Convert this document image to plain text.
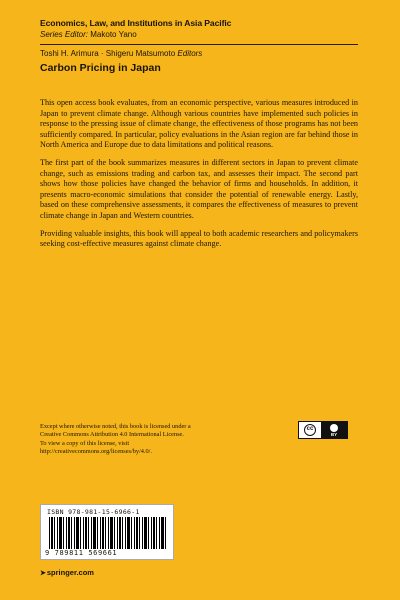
Economics, Law, and Institutions in Asia Pacific
Series Editor: Makoto Yano
Toshi H. Arimura · Shigeru Matsumoto Editors
Carbon Pricing in Japan

This open access book evaluates, from an economic perspective, various measures introduced in Japan to prevent climate change. Although various countries have implemented such policies in response to the pressing issue of climate change, the effectiveness of those programs has not been sufficiently compared. In particular, policy evaluations in the Asian region are far behind those in North America and Europe due to data limitations and political reasons.

The first part of the book summarizes measures in different sectors in Japan to prevent climate change, such as emissions trading and carbon tax, and assesses their impact. The second part shows how those policies have changed the behavior of firms and households. In addition, it presents macro-economic simulations that consider the potential of renewable energy. Lastly, based on these comprehensive assessments, it compares the effectiveness of measures to prevent climate change in Japan and Western countries.

Providing valuable insights, this book will appeal to both academic researchers and policymakers seeking cost-effective measures against climate change.

Except where otherwise noted, this book is licensed under a
Creative Commons Attribution 4.0 International License.
To view a copy of this license, visit
http://creativecommons.org/licenses/by/4.0/.
cc
BY
ISBN 978-981-15-6966-1
9 789811 569661
➤springer.com
